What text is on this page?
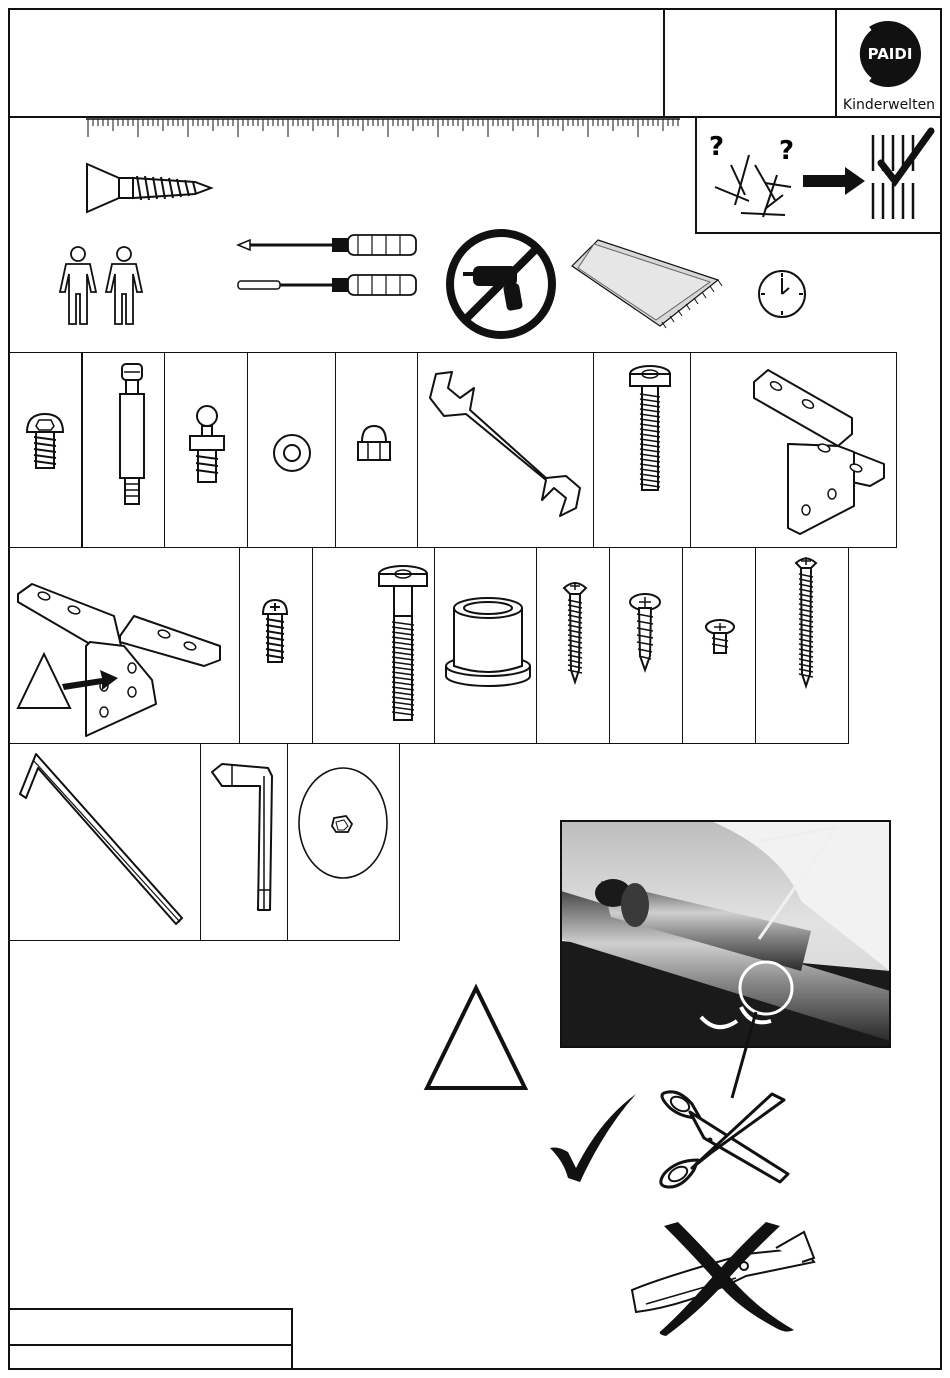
PAIDI
Kinderwelten
? ?
